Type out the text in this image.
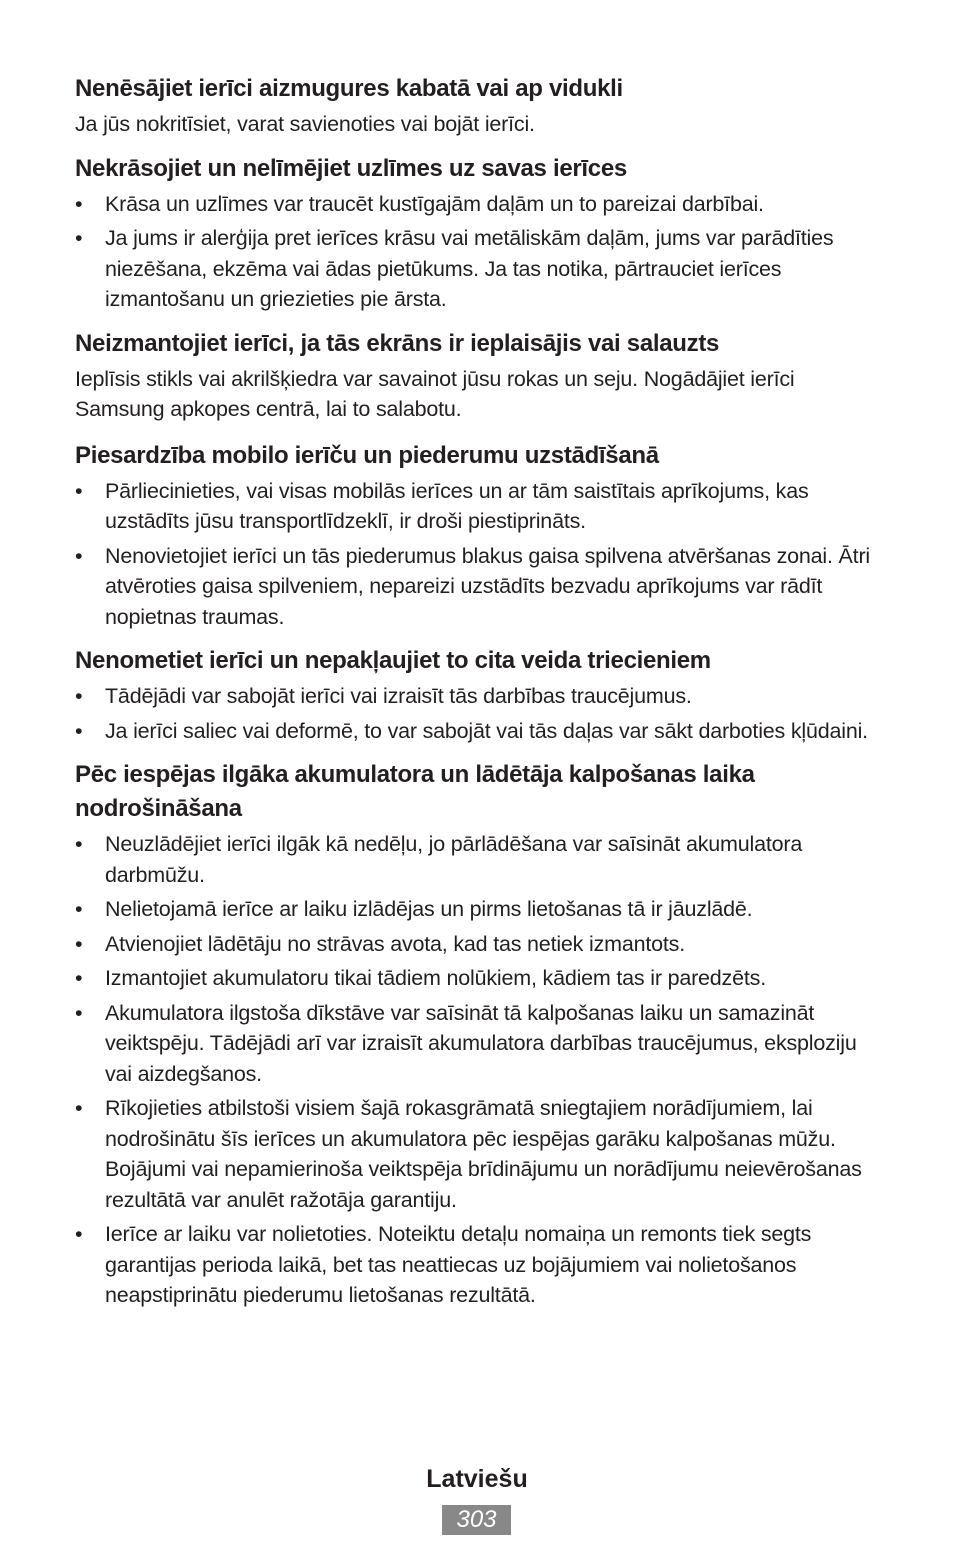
Nenēsājiet ierīci aizmugures kabatā vai ap vidukli

Ja jūs nokritīsiet, varat savienoties vai bojāt ierīci.

Nekrāsojiet un nelīmējiet uzlīmes uz savas ierīces
•	Krāsa un uzlīmes var traucēt kustīgajām daļām un to pareizai darbībai.
•	Ja jums ir alerģija pret ierīces krāsu vai metāliskām daļām, jums var parādīties niezēšana, ekzēma vai ādas pietūkums. Ja tas notika, pārtrauciet ierīces izmantošanu un griezieties pie ārsta.
Neizmantojiet ierīci, ja tās ekrāns ir ieplaisājis vai salauzts

Ieplīsis stikls vai akrilšķiedra var savainot jūsu rokas un seju. Nogādājiet ierīci Samsung apkopes centrā, lai to salabotu.

Piesardzība mobilo ierīču un piederumu uzstādīšanā
•	Pārliecinieties, vai visas mobilās ierīces un ar tām saistītais aprīkojums, kas uzstādīts jūsu transportlīdzeklī, ir droši piestiprināts.
•	Nenovietojiet ierīci un tās piederumus blakus gaisa spilvena atvēršanas zonai. Ātri atvēroties gaisa spilveniem, nepareizi uzstādīts bezvadu aprīkojums var rādīt nopietnas traumas.
Nenometiet ierīci un nepakļaujiet to cita veida triecieniem
•	Tādējādi var sabojāt ierīci vai izraisīt tās darbības traucējumus.
•	Ja ierīci saliec vai deformē, to var sabojāt vai tās daļas var sākt darboties kļūdaini.
Pēc iespējas ilgāka akumulatora un lādētāja kalpošanas laika nodrošināšana
•	Neuzlādējiet ierīci ilgāk kā nedēļu, jo pārlādēšana var saīsināt akumulatora darbmūžu.
•	Nelietojamā ierīce ar laiku izlādējas un pirms lietošanas tā ir jāuzlādē.
•	Atvienojiet lādētāju no strāvas avota, kad tas netiek izmantots.
•	Izmantojiet akumulatoru tikai tādiem nolūkiem, kādiem tas ir paredzēts.
•	Akumulatora ilgstoša dīkstāve var saīsināt tā kalpošanas laiku un samazināt veiktspēju. Tādējādi arī var izraisīt akumulatora darbības traucējumus, eksploziju vai aizdegšanos.
•	Rīkojieties atbilstoši visiem šajā rokasgrāmatā sniegtajiem norādījumiem, lai nodrošinātu šīs ierīces un akumulatora pēc iespējas garāku kalpošanas mūžu. Bojājumi vai nepamierinoša veiktspēja brīdinājumu un norādījumu neievērošanas rezultātā var anulēt ražotāja garantiju.
•	Ierīce ar laiku var nolietoties. Noteiktu detaļu nomaiņa un remonts tiek segts garantijas perioda laikā, bet tas neattiecas uz bojājumiem vai nolietošanos neapstiprinātu piederumu lietošanas rezultātā.
Latviešu
303
